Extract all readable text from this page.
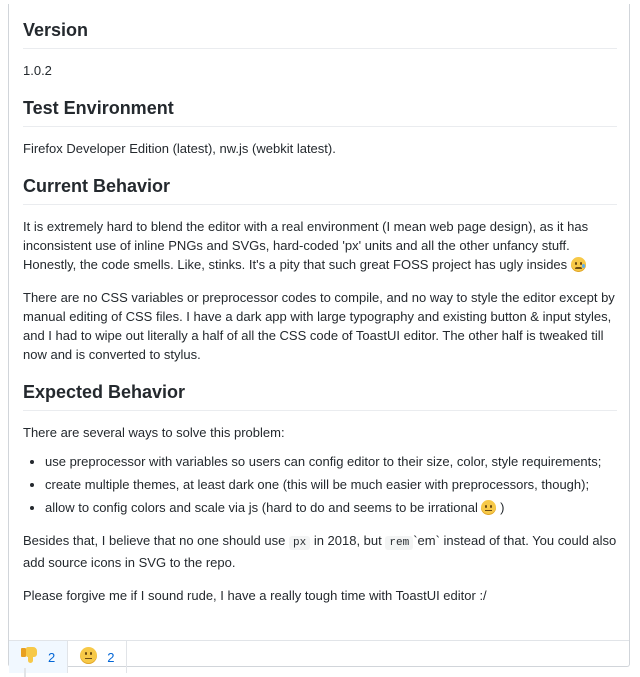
Version

1.0.2

Test Environment

Firefox Developer Edition (latest), nw.js (webkit latest).

Current Behavior

It is extremely hard to blend the editor with a real environment (I mean web page design), as it has inconsistent use of inline PNGs and SVGs, hard-coded 'px' units and all the other unfancy stuff. Honestly, the code smells. Like, stinks. It's a pity that such great FOSS project has ugly insides

There are no CSS variables or preprocessor codes to compile, and no way to style the editor except by manual editing of CSS files. I have a dark app with large typography and existing button & input styles, and I had to wipe out literally a half of all the CSS code of ToastUI editor. The other half is tweaked till now and is converted to stylus.

Expected Behavior

There are several ways to solve this problem:

• use preprocessor with variables so users can config editor to their size, color, style requirements;
• create multiple themes, at least dark one (this will be much easier with preprocessors, though);
• allow to config colors and scale via js (hard to do and seems to be irrational )

Besides that, I believe that no one should use px in 2018, but rem `em` instead of that. You could also add source icons in SVG to the repo.

Please forgive me if I sound rude, I have a really tough time with ToastUI editor :/

2	2
